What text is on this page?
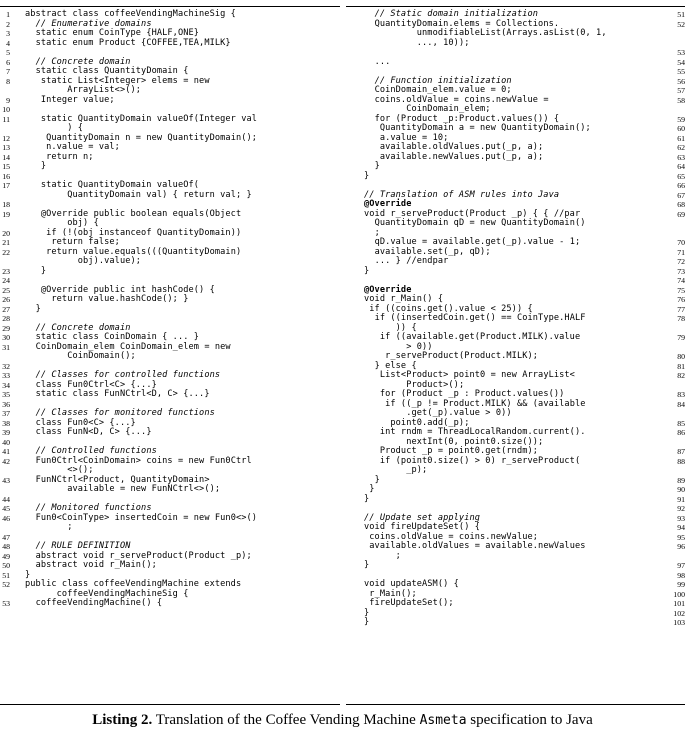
1 abstract class coffeeVendingMachineSig {
2 // Enumerative domains
3 static enum CoinType {HALF,ONE}
4 static enum Product {COFFEE,TEA,MILK}
5

6 // Concrete domain
7 static class QuantityDomain {
8	static List<Integer> elems = new
ArrayList<>();
9 Integer value;
10

11	static QuantityDomain valueOf(Integer val
) {
12 QuantityDomain n = new QuantityDomain();
13 n.value = val;
14 return n;
15 }
16

17	static QuantityDomain valueOf(
QuantityDomain val) { return val; }
18

19	@Override public boolean equals(Object
obj) {
20 if (!(obj instanceof QuantityDomain))
21 return false;
22	return value.equals(((QuantityDomain)
obj).value);
23 }
24

25 @Override public int hashCode() {
26 return value.hashCode(); }
27 }
28

29 // Concrete domain
30 static class CoinDomain { ... }
31	CoinDomain_elem CoinDomain_elem = new
CoinDomain();
32

33 // Classes for controlled functions
34 class Fun0Ctrl<C> {...}
35 static class FunNCtrl<D, C> {...}
36

37 // Classes for monitored functions
38 class Fun0<C> {...}
39 class FunN<D, C> {...}
40

41 // Controlled functions
42	Fun0Ctrl<CoinDomain> coins = new Fun0Ctrl
<>();
43	FunNCtrl<Product, QuantityDomain>
available = new FunNCtrl<>();
44

45 // Monitored functions
46	Fun0<CoinType> insertedCoin = new Fun0<>()
;
47

48 // RULE DEFINITION
49 abstract void r_serveProduct(Product _p);
50 abstract void r_Main();
51 }
52 public class coffeeVendingMachine extends
coffeeVendingMachineSig {
53 coffeeVendingMachine() {
51
// Static domain initialization
52
QuantityDomain.elems = Collections.
unmodifiableList(Arrays.asList(0, 1,
..., 10));
53

54
...
55

56
// Function initialization
57
CoinDomain_elem.value = 0;
58
coins.oldValue = coins.newValue =
CoinDomain_elem;
59
for (Product _p:Product.values()) {
60
QuantityDomain a = new QuantityDomain();
61
a.value = 10;
62
available.oldValues.put(_p, a);
63
available.newValues.put(_p, a);
64
}
65
}
66

67
// Translation of ASM rules into Java
68
@Override
69
void r_serveProduct(Product _p) { { //par
QuantityDomain qD = new QuantityDomain()
;
70
qD.value = available.get(_p).value - 1;
71
available.set(_p, qD);
72
... } //endpar
73
}
74

75
@Override
76
void r_Main() {
77
if ((coins.get().value < 25)) {
78
if ((insertedCoin.get() == CoinType.HALF
)) {
79
if ((available.get(Product.MILK).value
> 0))
80
r_serveProduct(Product.MILK);
81
} else {
82
List<Product> point0 = new ArrayList<
Product>();
83
for (Product _p : Product.values())
84
if ((_p != Product.MILK) && (available
.get(_p).value > 0))
85
point0.add(_p);
86
int rndm = ThreadLocalRandom.current().
nextInt(0, point0.size());
87
Product _p = point0.get(rndm);
88
if (point0.size() > 0) r_serveProduct(
_p);
89
}
90
}
91
}
92

93
// Update set applying
94
void fireUpdateSet() {
95
coins.oldValue = coins.newValue;
96
available.oldValues = available.newValues
;
97
}
98

99
void updateASM() {
100
r_Main();
101
fireUpdateSet();
102
}
103
}
Listing 2. Translation of the Coffee Vending Machine Asmeta specification to Java
